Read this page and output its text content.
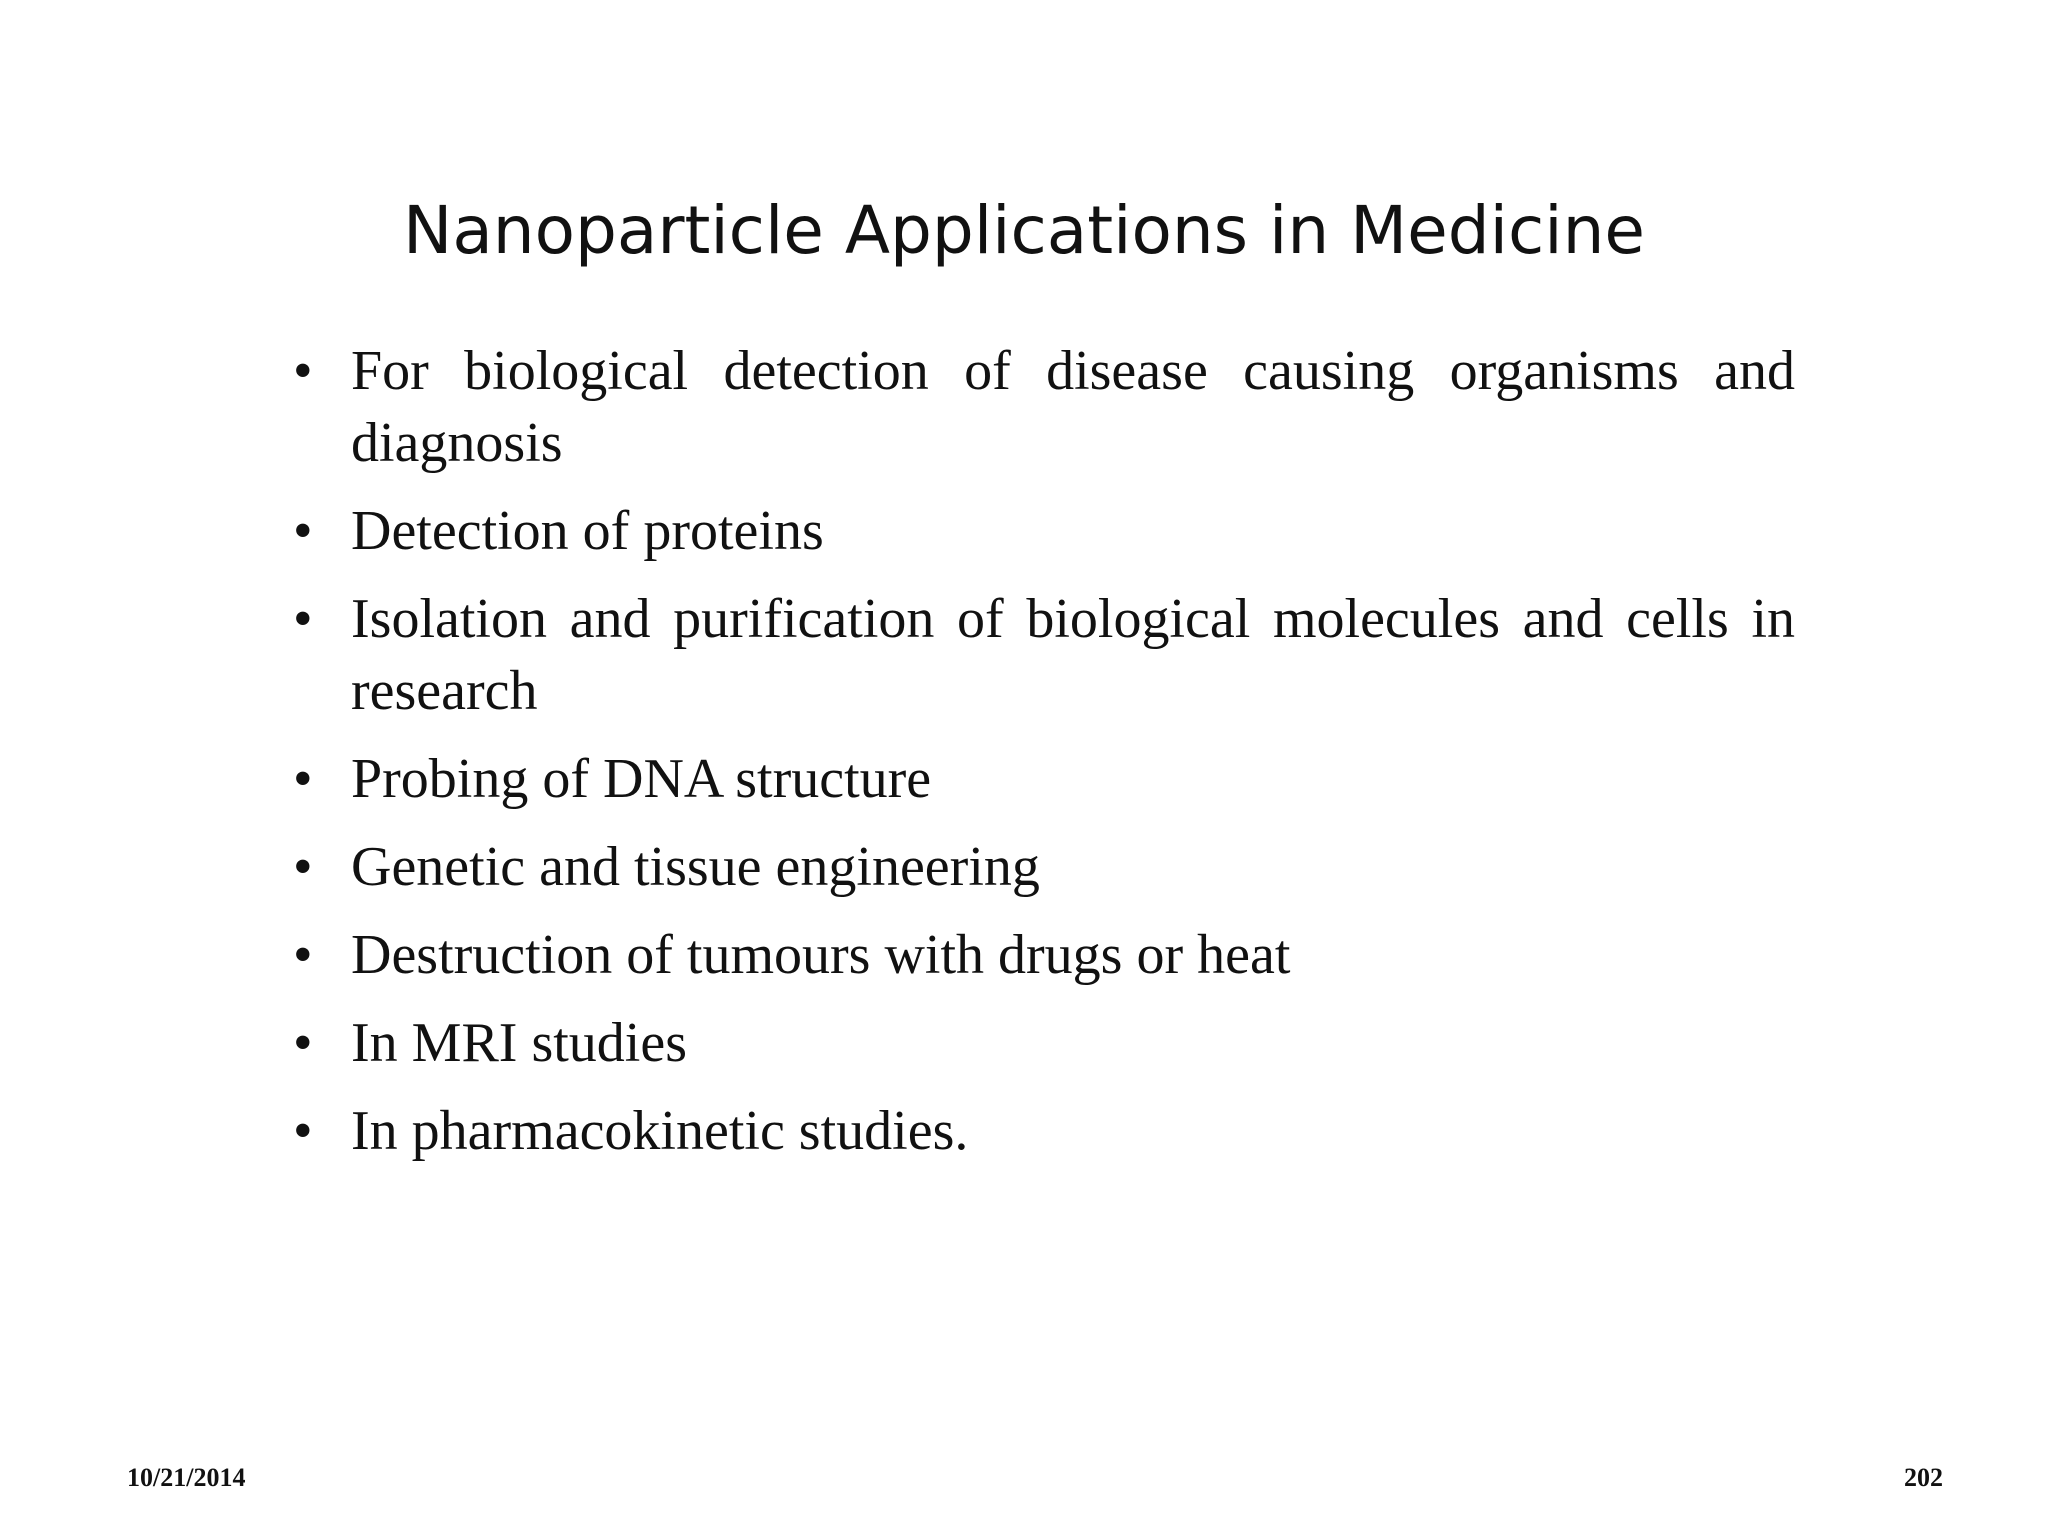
Nanoparticle Applications in Medicine
• For biological detection of disease causing organisms and diagnosis
• Detection of proteins
• Isolation and purification of biological molecules and cells in research
• Probing of DNA structure
• Genetic and tissue engineering
• Destruction of tumours with drugs or heat
• In MRI studies
• In pharmacokinetic studies.
10/21/2014	202
